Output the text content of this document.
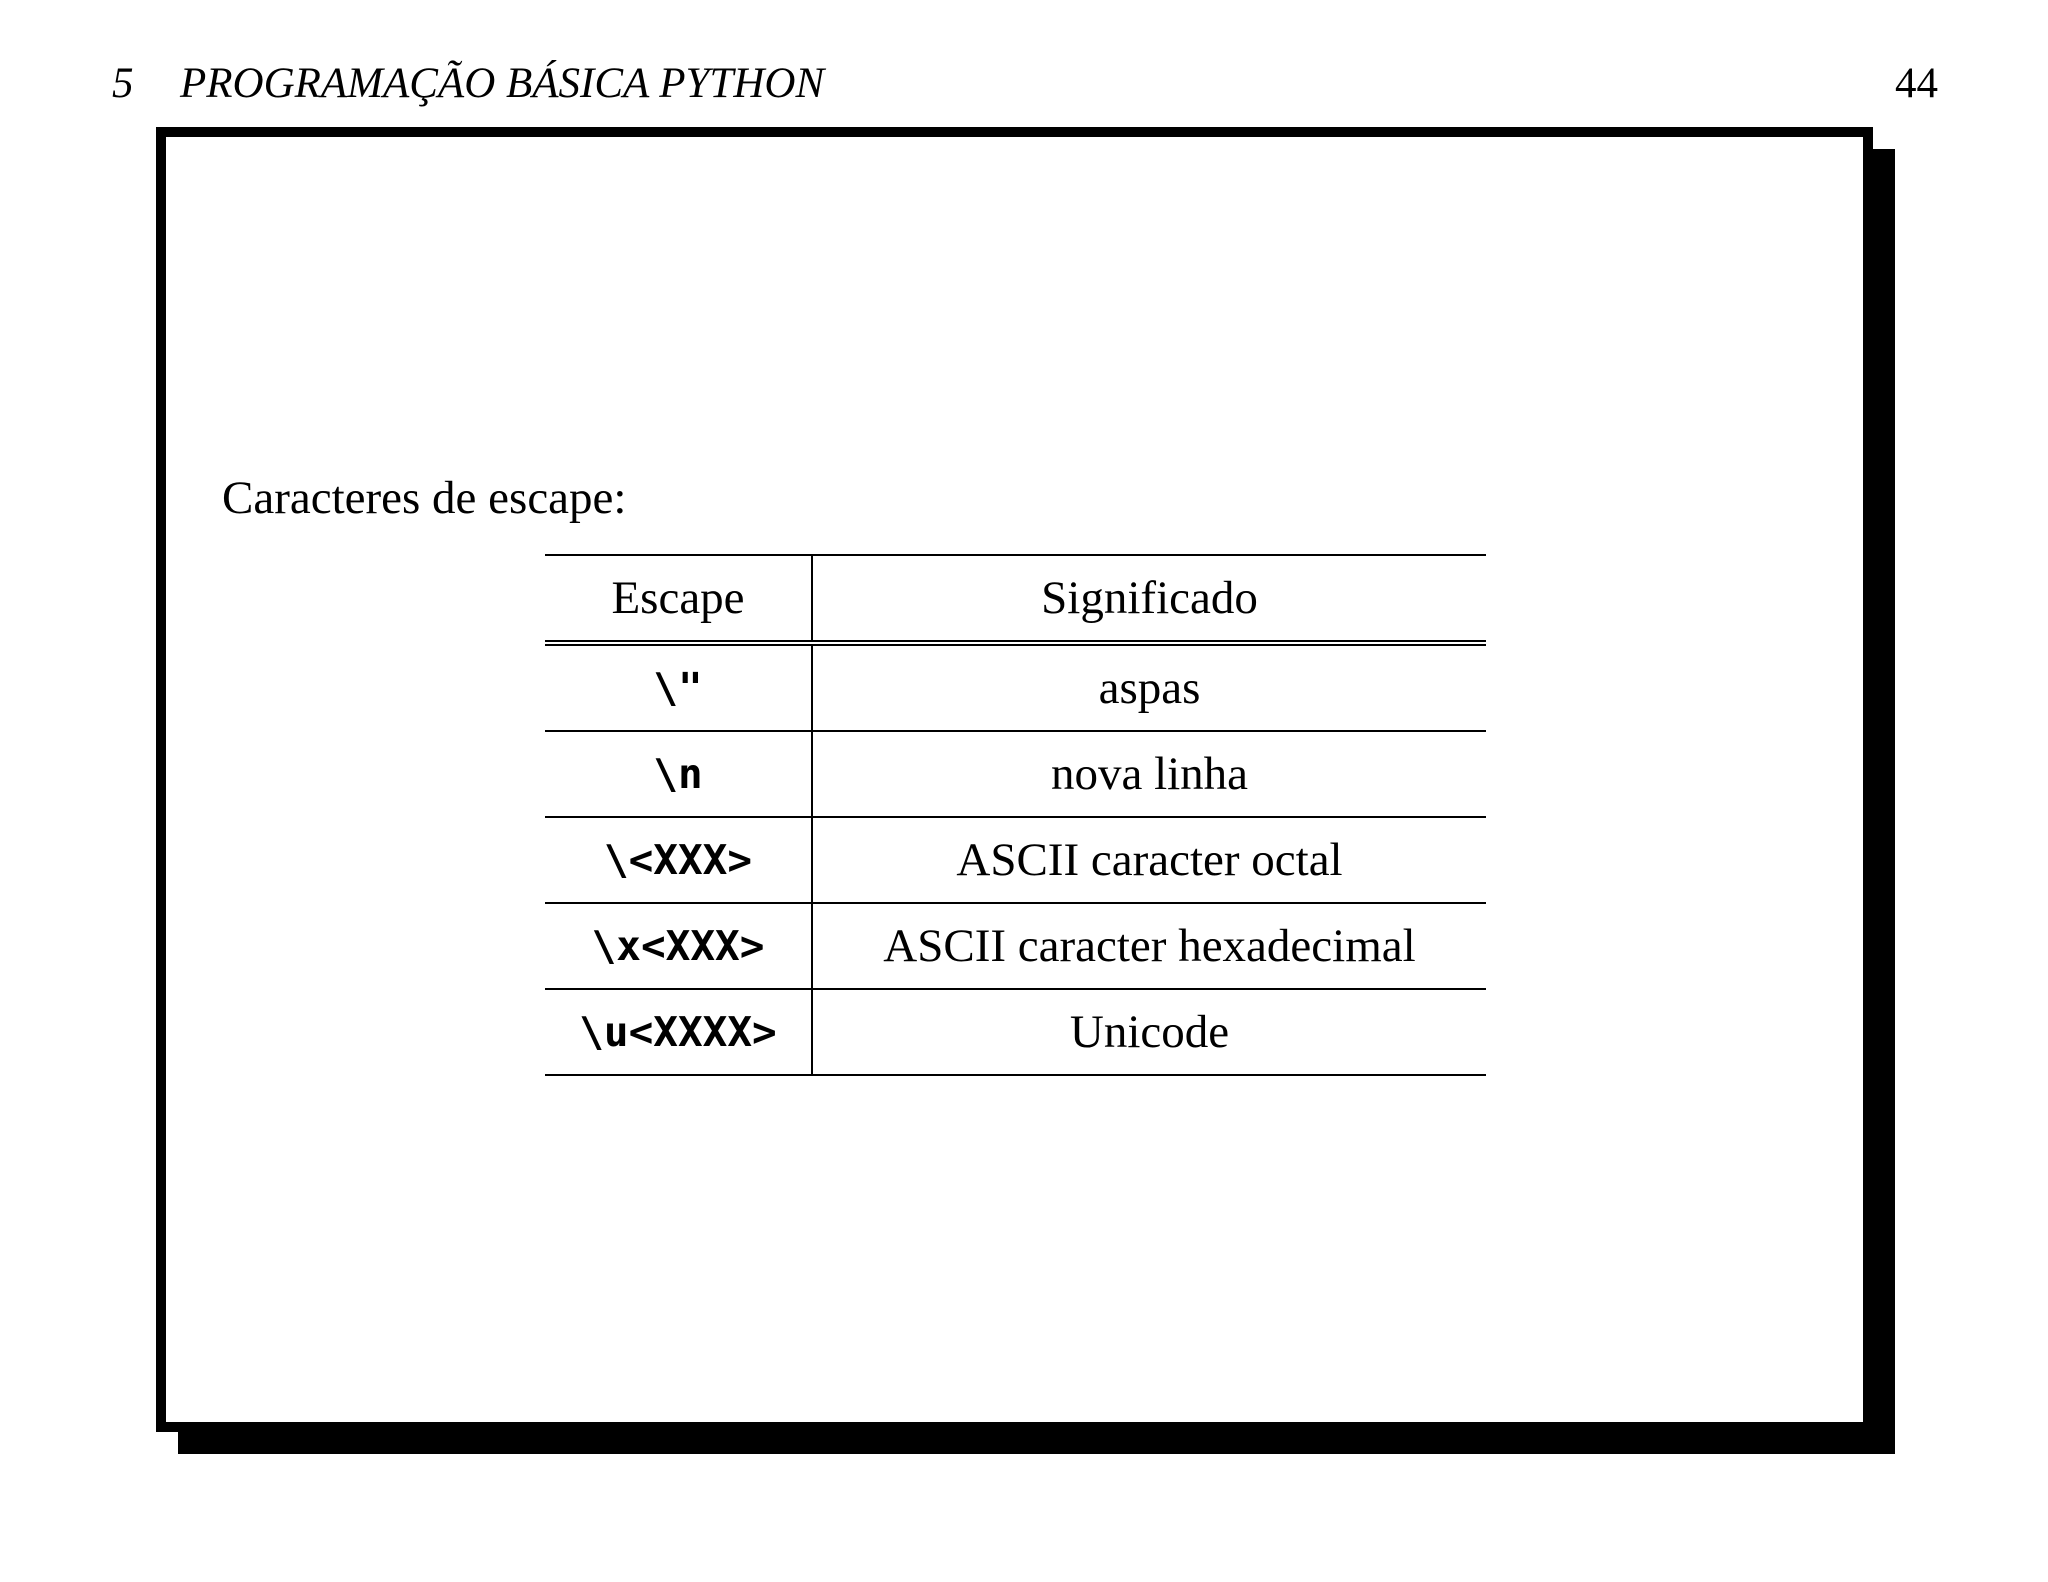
5 PROGRAMAÇÃO BÁSICA PYTHON	44
Caracteres de escape:
Escape	Significado
\"	aspas
\n	nova linha
\<XXX>	ASCII caracter octal
\x<XXX>	ASCII caracter hexadecimal
\u<XXXX>	Unicode
